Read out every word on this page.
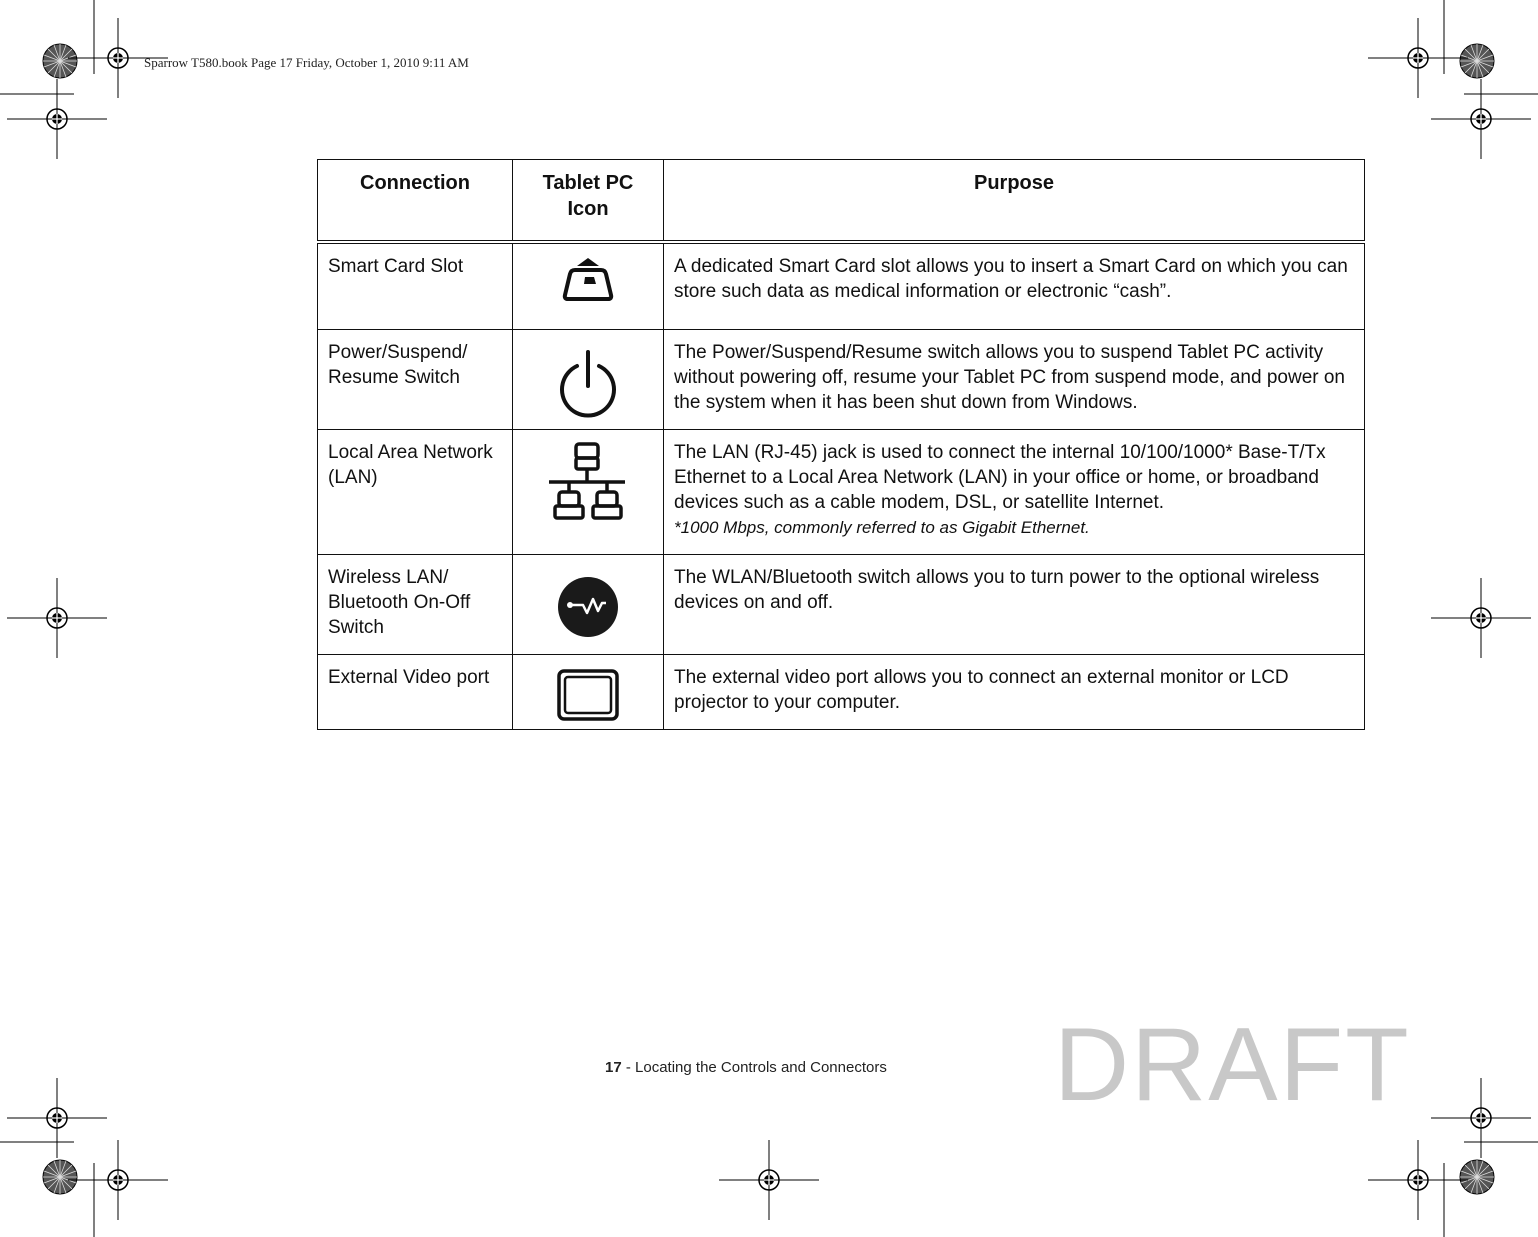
Sparrow T580.book Page 17 Friday, October 1, 2010 9:11 AM
Connection	Tablet PC Icon	Purpose
Smart Card Slot		A dedicated Smart Card slot allows you to insert a Smart Card on which you can store such data as medical information or electronic “cash”.
Power/Suspend/ Resume Switch		The Power/Suspend/Resume switch allows you to suspend Tablet PC activity without powering off, resume your Tablet PC from suspend mode, and power on the system when it has been shut down from Windows.
Local Area Network (LAN)		The LAN (RJ-45) jack is used to connect the internal 10/100/1000* Base-T/Tx Ethernet to a Local Area Network (LAN) in your office or home, or broadband devices such as a cable modem, DSL, or satellite Internet.
*1000 Mbps, commonly referred to as Gigabit Ethernet.

Wireless LAN/ Bluetooth On-Off Switch		The WLAN/Bluetooth switch allows you to turn power to the optional wireless devices on and off.
External Video port		The external video port allows you to connect an external monitor or LCD projector to your computer.
17 - Locating the Controls and Connectors DRAFT
